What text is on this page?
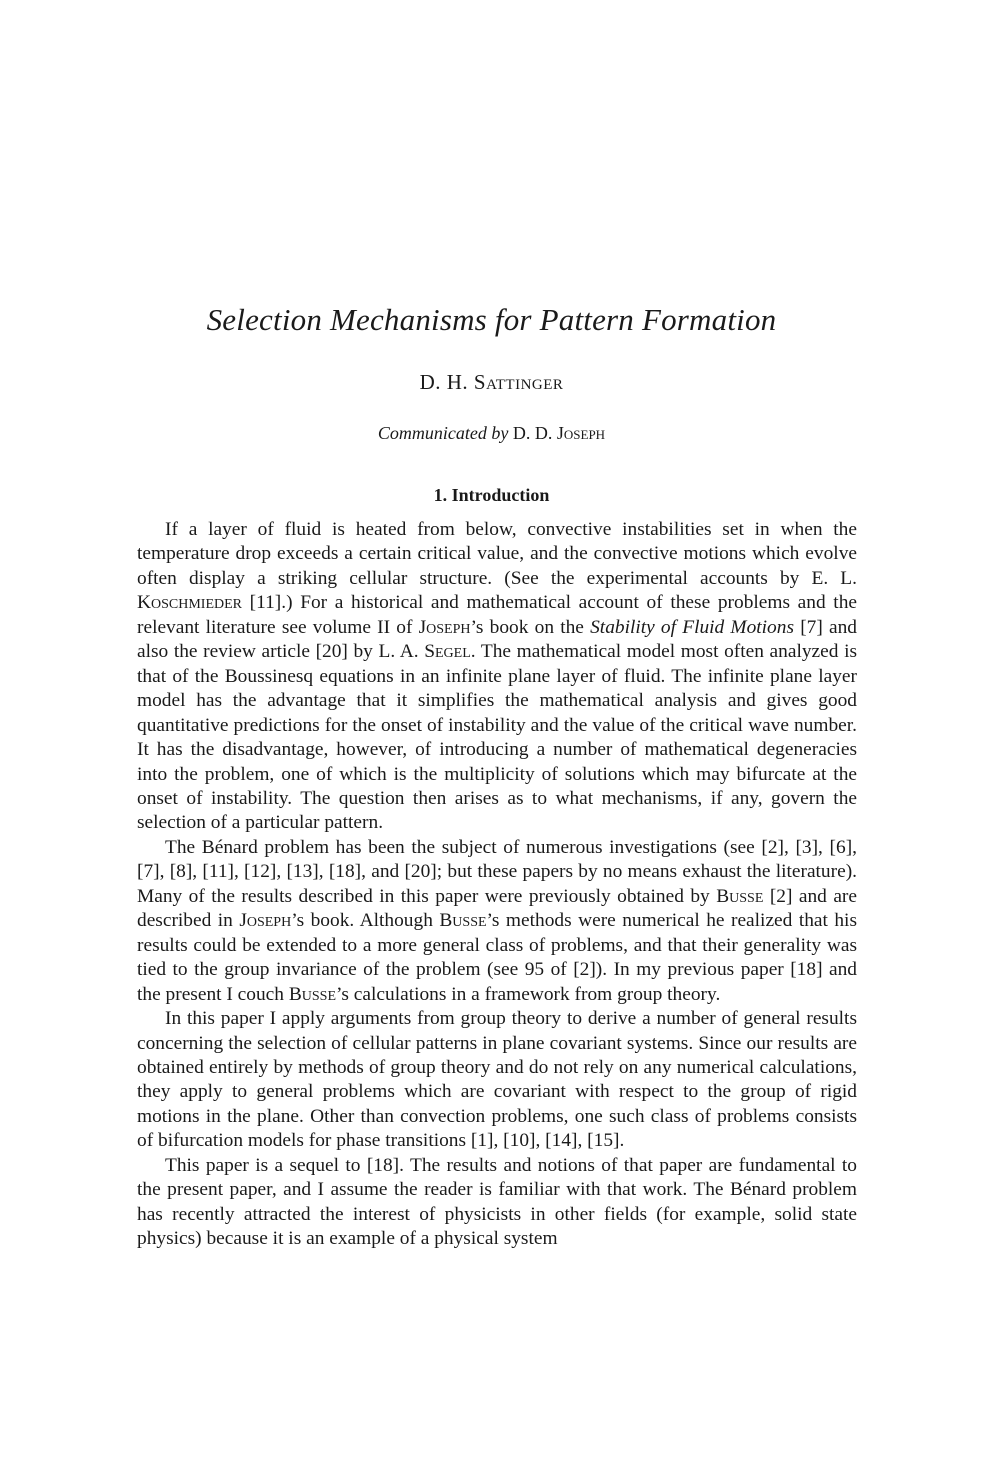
Selection Mechanisms for Pattern Formation
D. H. Sattinger
Communicated by D. D. Joseph
1. Introduction

If a layer of fluid is heated from below, convective instabilities set in when the temperature drop exceeds a certain critical value, and the convective motions which evolve often display a striking cellular structure. (See the experimental accounts by E. L. Koschmieder [11].) For a historical and mathematical account of these problems and the relevant literature see volume II of Joseph’s book on the Stability of Fluid Motions [7] and also the review article [20] by L. A. Segel. The mathematical model most often analyzed is that of the Boussinesq equations in an infinite plane layer of fluid. The infinite plane layer model has the advantage that it simplifies the mathematical analysis and gives good quantitative predictions for the onset of instability and the value of the critical wave number. It has the disadvantage, however, of introducing a number of mathematical degeneracies into the problem, one of which is the multiplicity of solutions which may bifurcate at the onset of instability. The question then arises as to what mechanisms, if any, govern the selection of a particular pattern.

The Bénard problem has been the subject of numerous investigations (see [2], [3], [6], [7], [8], [11], [12], [13], [18], and [20]; but these papers by no means exhaust the literature). Many of the results described in this paper were previously obtained by Busse [2] and are described in Joseph’s book. Although Busse’s methods were numerical he realized that his results could be extended to a more general class of problems, and that their generality was tied to the group invariance of the problem (see 95 of [2]). In my previous paper [18] and the present I couch Busse’s calculations in a framework from group theory.

In this paper I apply arguments from group theory to derive a number of general results concerning the selection of cellular patterns in plane covariant systems. Since our results are obtained entirely by methods of group theory and do not rely on any numerical calculations, they apply to general problems which are covariant with respect to the group of rigid motions in the plane. Other than convection problems, one such class of problems consists of bifurcation models for phase transitions [1], [10], [14], [15].

This paper is a sequel to [18]. The results and notions of that paper are fundamental to the present paper, and I assume the reader is familiar with that work. The Bénard problem has recently attracted the interest of physicists in other fields (for example, solid state physics) because it is an example of a physical system
